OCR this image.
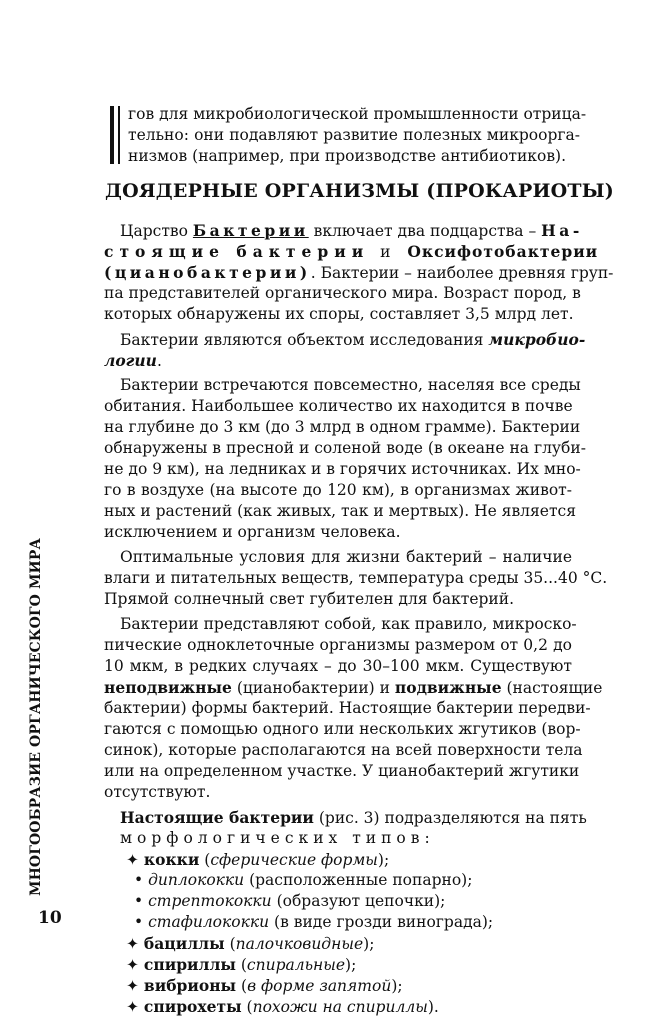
гов для микробиологической промышленности отрица-
тельно: они подавляют развитие полезных микроорга-
низмов (например, при производстве антибиотиков).
ДОЯДЕРНЫЕ ОРГАНИЗМЫ (ПРОКАРИОТЫ)
Царство Бактерии включает два подцарства – На-
стоящие бактерии и Оксифотобактерии
(цианобактерии). Бактерии – наиболее древняя груп-
па представителей органического мира. Возраст пород, в
которых обнаружены их споры, составляет 3,5 млрд лет.
Бактерии являются объектом исследования микробио-
логии.
Бактерии встречаются повсеместно, населяя все среды
обитания. Наибольшее количество их находится в почве
на глубине до 3 км (до 3 млрд в одном грамме). Бактерии
обнаружены в пресной и соленой воде (в океане на глуби-
не до 9 км), на ледниках и в горячих источниках. Их мно-
го в воздухе (на высоте до 120 км), в организмах живот-
ных и растений (как живых, так и мертвых). Не является
исключением и организм человека.
Оптимальные условия для жизни бактерий – наличие
влаги и питательных веществ, температура среды 35...40 °С.
Прямой солнечный свет губителен для бактерий.
Бактерии представляют собой, как правило, микроско-
пические одноклеточные организмы размером от 0,2 до
10 мкм, в редких случаях – до 30–100 мкм. Существуют
неподвижные (цианобактерии) и подвижные (настоящие
бактерии) формы бактерий. Настоящие бактерии передви-
гаются с помощью одного или нескольких жгутиков (вор-
синок), которые располагаются на всей поверхности тела
или на определенном участке. У цианобактерий жгутики
отсутствуют.
Настоящие бактерии (рис. 3) подразделяются на пять
морфологических типов:
✦ кокки (сферические формы);
• диплококки (расположенные попарно);
• стрептококки (образуют цепочки);
• стафилококки (в виде грозди винограда);
✦ бациллы (палочковидные);
✦ спириллы (спиральные);
✦ вибрионы (в форме запятой);
✦ спирохеты (похожи на спириллы).
МНОГООБРАЗИЕ ОРГАНИЧЕСКОГО МИРА
10
